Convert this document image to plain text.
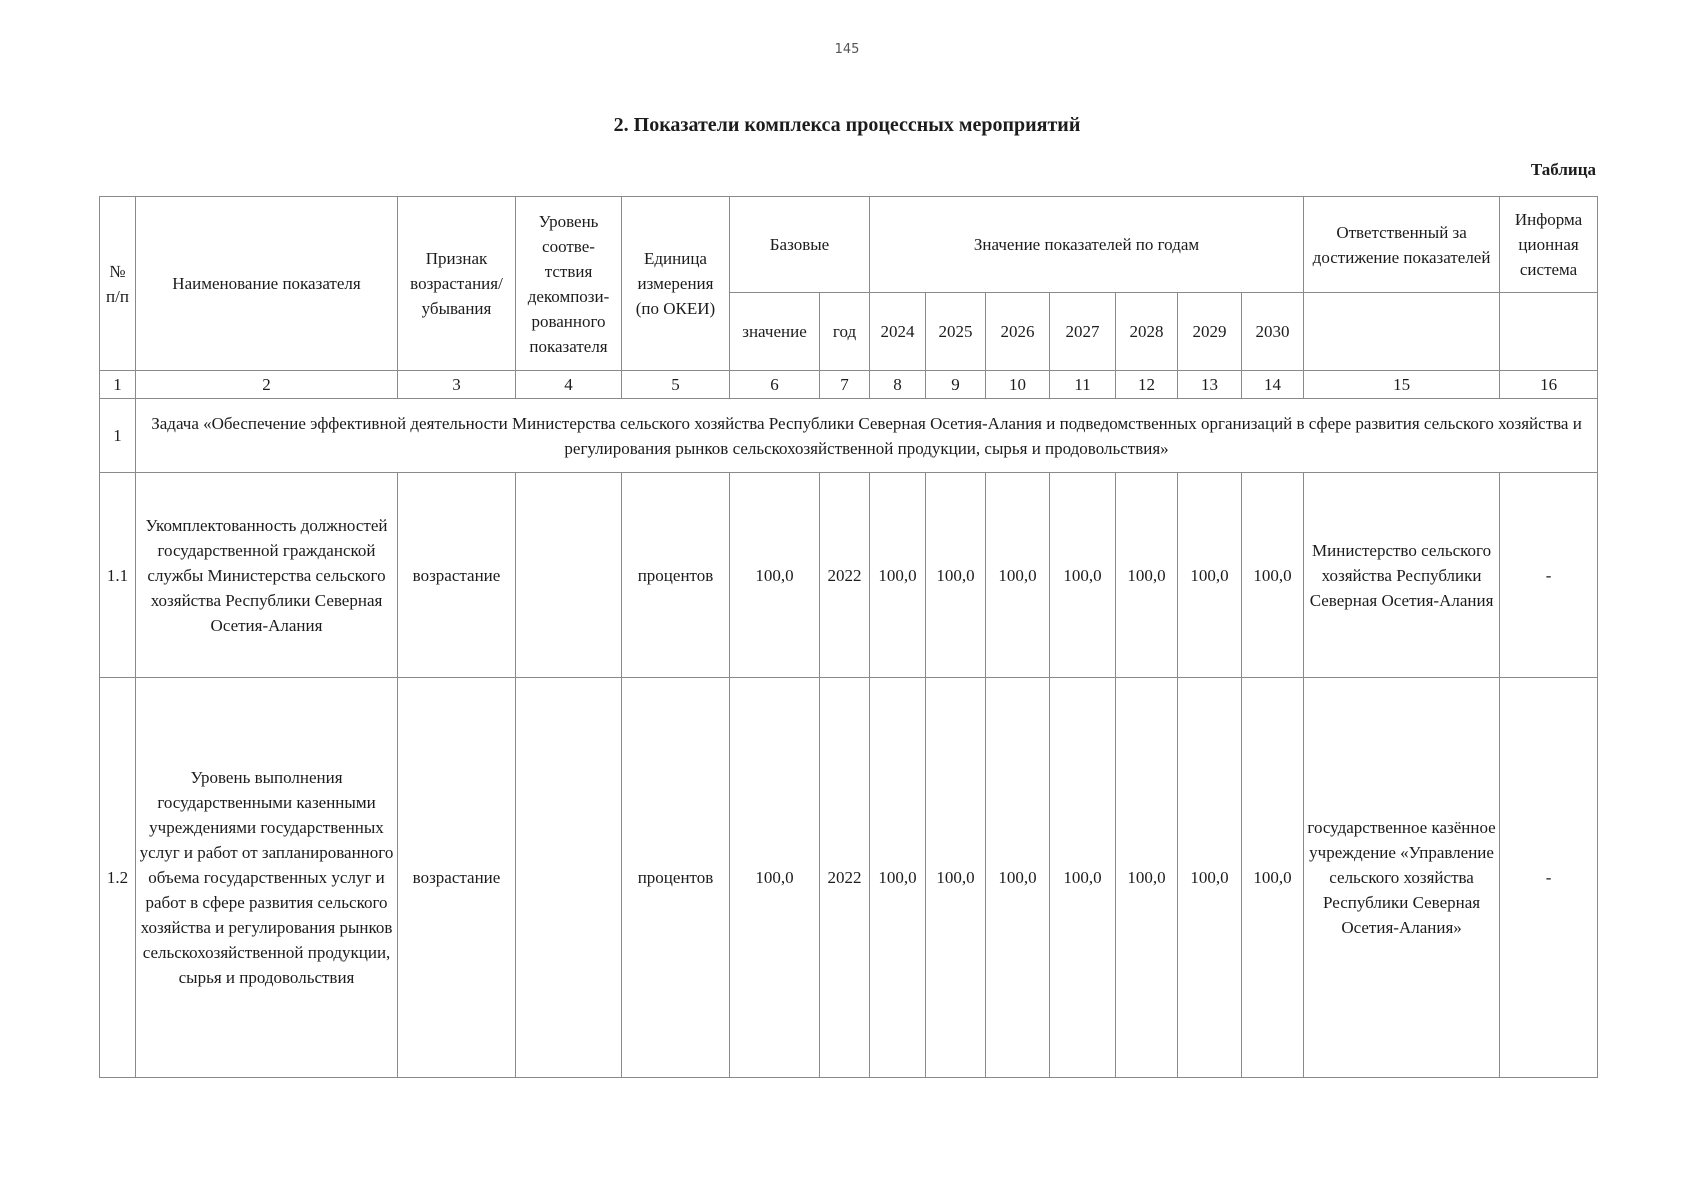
145
2. Показатели комплекса процессных мероприятий
Таблица
№ п/п	Наименование показателя	Признак возрастания/ убывания	Уровень соотве-тствия декомпози-рованного показателя	Единица измерения (по ОКЕИ)	Базовые		Значение показателей по годам							Ответственный за достижение показателей	Информа ционная система
					значение	год	2024	2025	2026	2027	2028	2029	2030		
1	2	3	4	5	6	7	8	9	10	11	12	13	14	15	16
1	Задача «Обеспечение эффективной деятельности Министерства сельского хозяйства Республики Северная Осетия-Алания и подведомственных организаций в сфере развития сельского хозяйства и регулирования рынков сельскохозяйственной продукции, сырья и продовольствия»														
1.1	Укомплектованность должностей государственной гражданской службы Министерства сельского хозяйства Республики Северная Осетия-Алания	возрастание		процентов	100,0	2022	100,0	100,0	100,0	100,0	100,0	100,0	100,0	Министерство сельского хозяйства Республики Северная Осетия-Алания	-
1.2	Уровень выполнения государственными казенными учреждениями государственных услуг и работ от запланированного объема государственных услуг и работ в сфере развития сельского хозяйства и регулирования рынков сельскохозяйственной продукции, сырья и продовольствия	возрастание		процентов	100,0	2022	100,0	100,0	100,0	100,0	100,0	100,0	100,0	государственное казённое учреждение «Управление сельского хозяйства Республики Северная Осетия-Алания»	-
